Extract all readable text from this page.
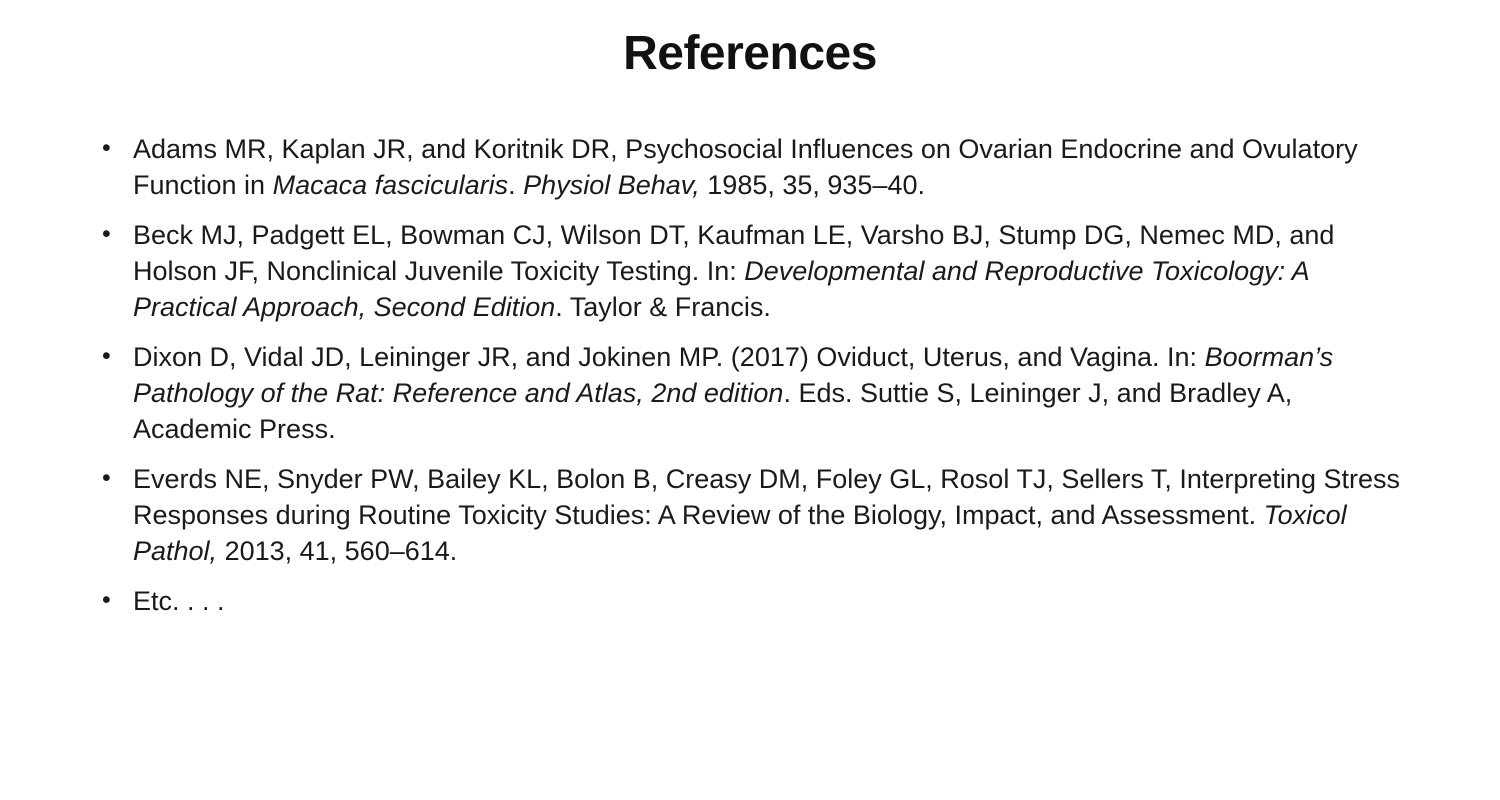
References
• Adams MR, Kaplan JR, and Koritnik DR, Psychosocial Influences on Ovarian Endocrine and Ovulatory Function in Macaca fascicularis. Physiol Behav, 1985, 35, 935–40.
• Beck MJ, Padgett EL, Bowman CJ, Wilson DT, Kaufman LE, Varsho BJ, Stump DG, Nemec MD, and Holson JF, Nonclinical Juvenile Toxicity Testing. In: Developmental and Reproductive Toxicology: A Practical Approach, Second Edition. Taylor & Francis.
• Dixon D, Vidal JD, Leininger JR, and Jokinen MP. (2017) Oviduct, Uterus, and Vagina. In: Boorman’s Pathology of the Rat: Reference and Atlas, 2nd edition. Eds. Suttie S, Leininger J, and Bradley A, Academic Press.
• Everds NE, Snyder PW, Bailey KL, Bolon B, Creasy DM, Foley GL, Rosol TJ, Sellers T, Interpreting Stress Responses during Routine Toxicity Studies: A Review of the Biology, Impact, and Assessment. Toxicol Pathol, 2013, 41, 560–614.
• Etc. . . .
